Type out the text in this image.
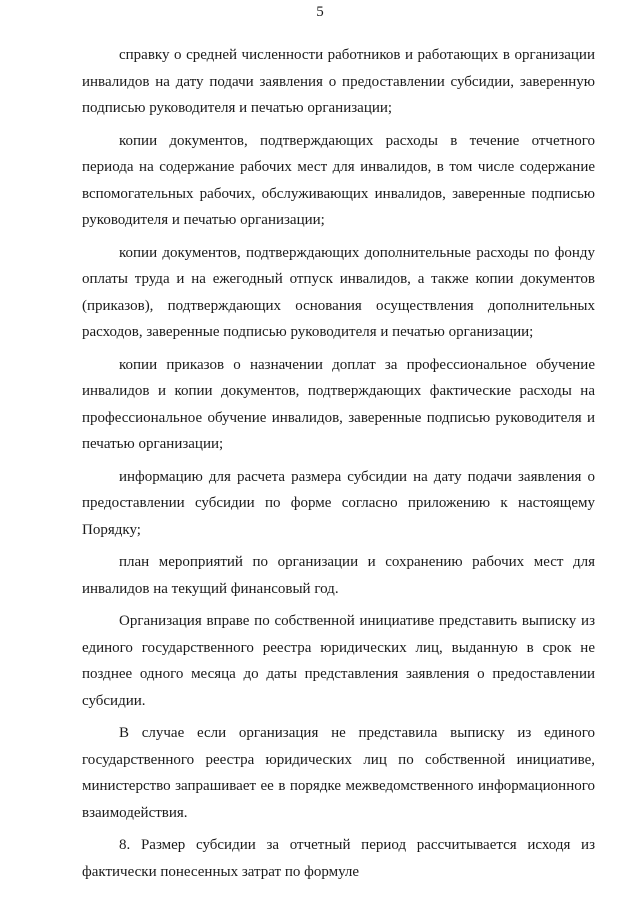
5

справку о средней численности работников и работающих в организации инвалидов на дату подачи заявления о предоставлении субсидии, заверенную подписью руководителя и печатью организации;

копии документов, подтверждающих расходы в течение отчетного периода на содержание рабочих мест для инвалидов, в том числе содержание вспомогательных рабочих, обслуживающих инвалидов, заверенные подписью руководителя и печатью организации;

копии документов, подтверждающих дополнительные расходы по фонду оплаты труда и на ежегодный отпуск инвалидов, а также копии документов (приказов), подтверждающих основания осуществления дополнительных расходов, заверенные подписью руководителя и печатью организации;

копии приказов о назначении доплат за профессиональное обучение инвалидов и копии документов, подтверждающих фактические расходы на профессиональное обучение инвалидов, заверенные подписью руководителя и печатью организации;

информацию для расчета размера субсидии на дату подачи заявления о предоставлении субсидии по форме согласно приложению к настоящему Порядку;

план мероприятий по организации и сохранению рабочих мест для инвалидов на текущий финансовый год.

Организация вправе по собственной инициативе представить выписку из единого государственного реестра юридических лиц, выданную в срок не позднее одного месяца до даты представления заявления о предоставлении субсидии.

В случае если организация не представила выписку из единого государственного реестра юридических лиц по собственной инициативе, министерство запрашивает ее в порядке межведомственного информационного взаимодействия.

8. Размер субсидии за отчетный период рассчитывается исходя из фактически понесенных затрат по формуле
